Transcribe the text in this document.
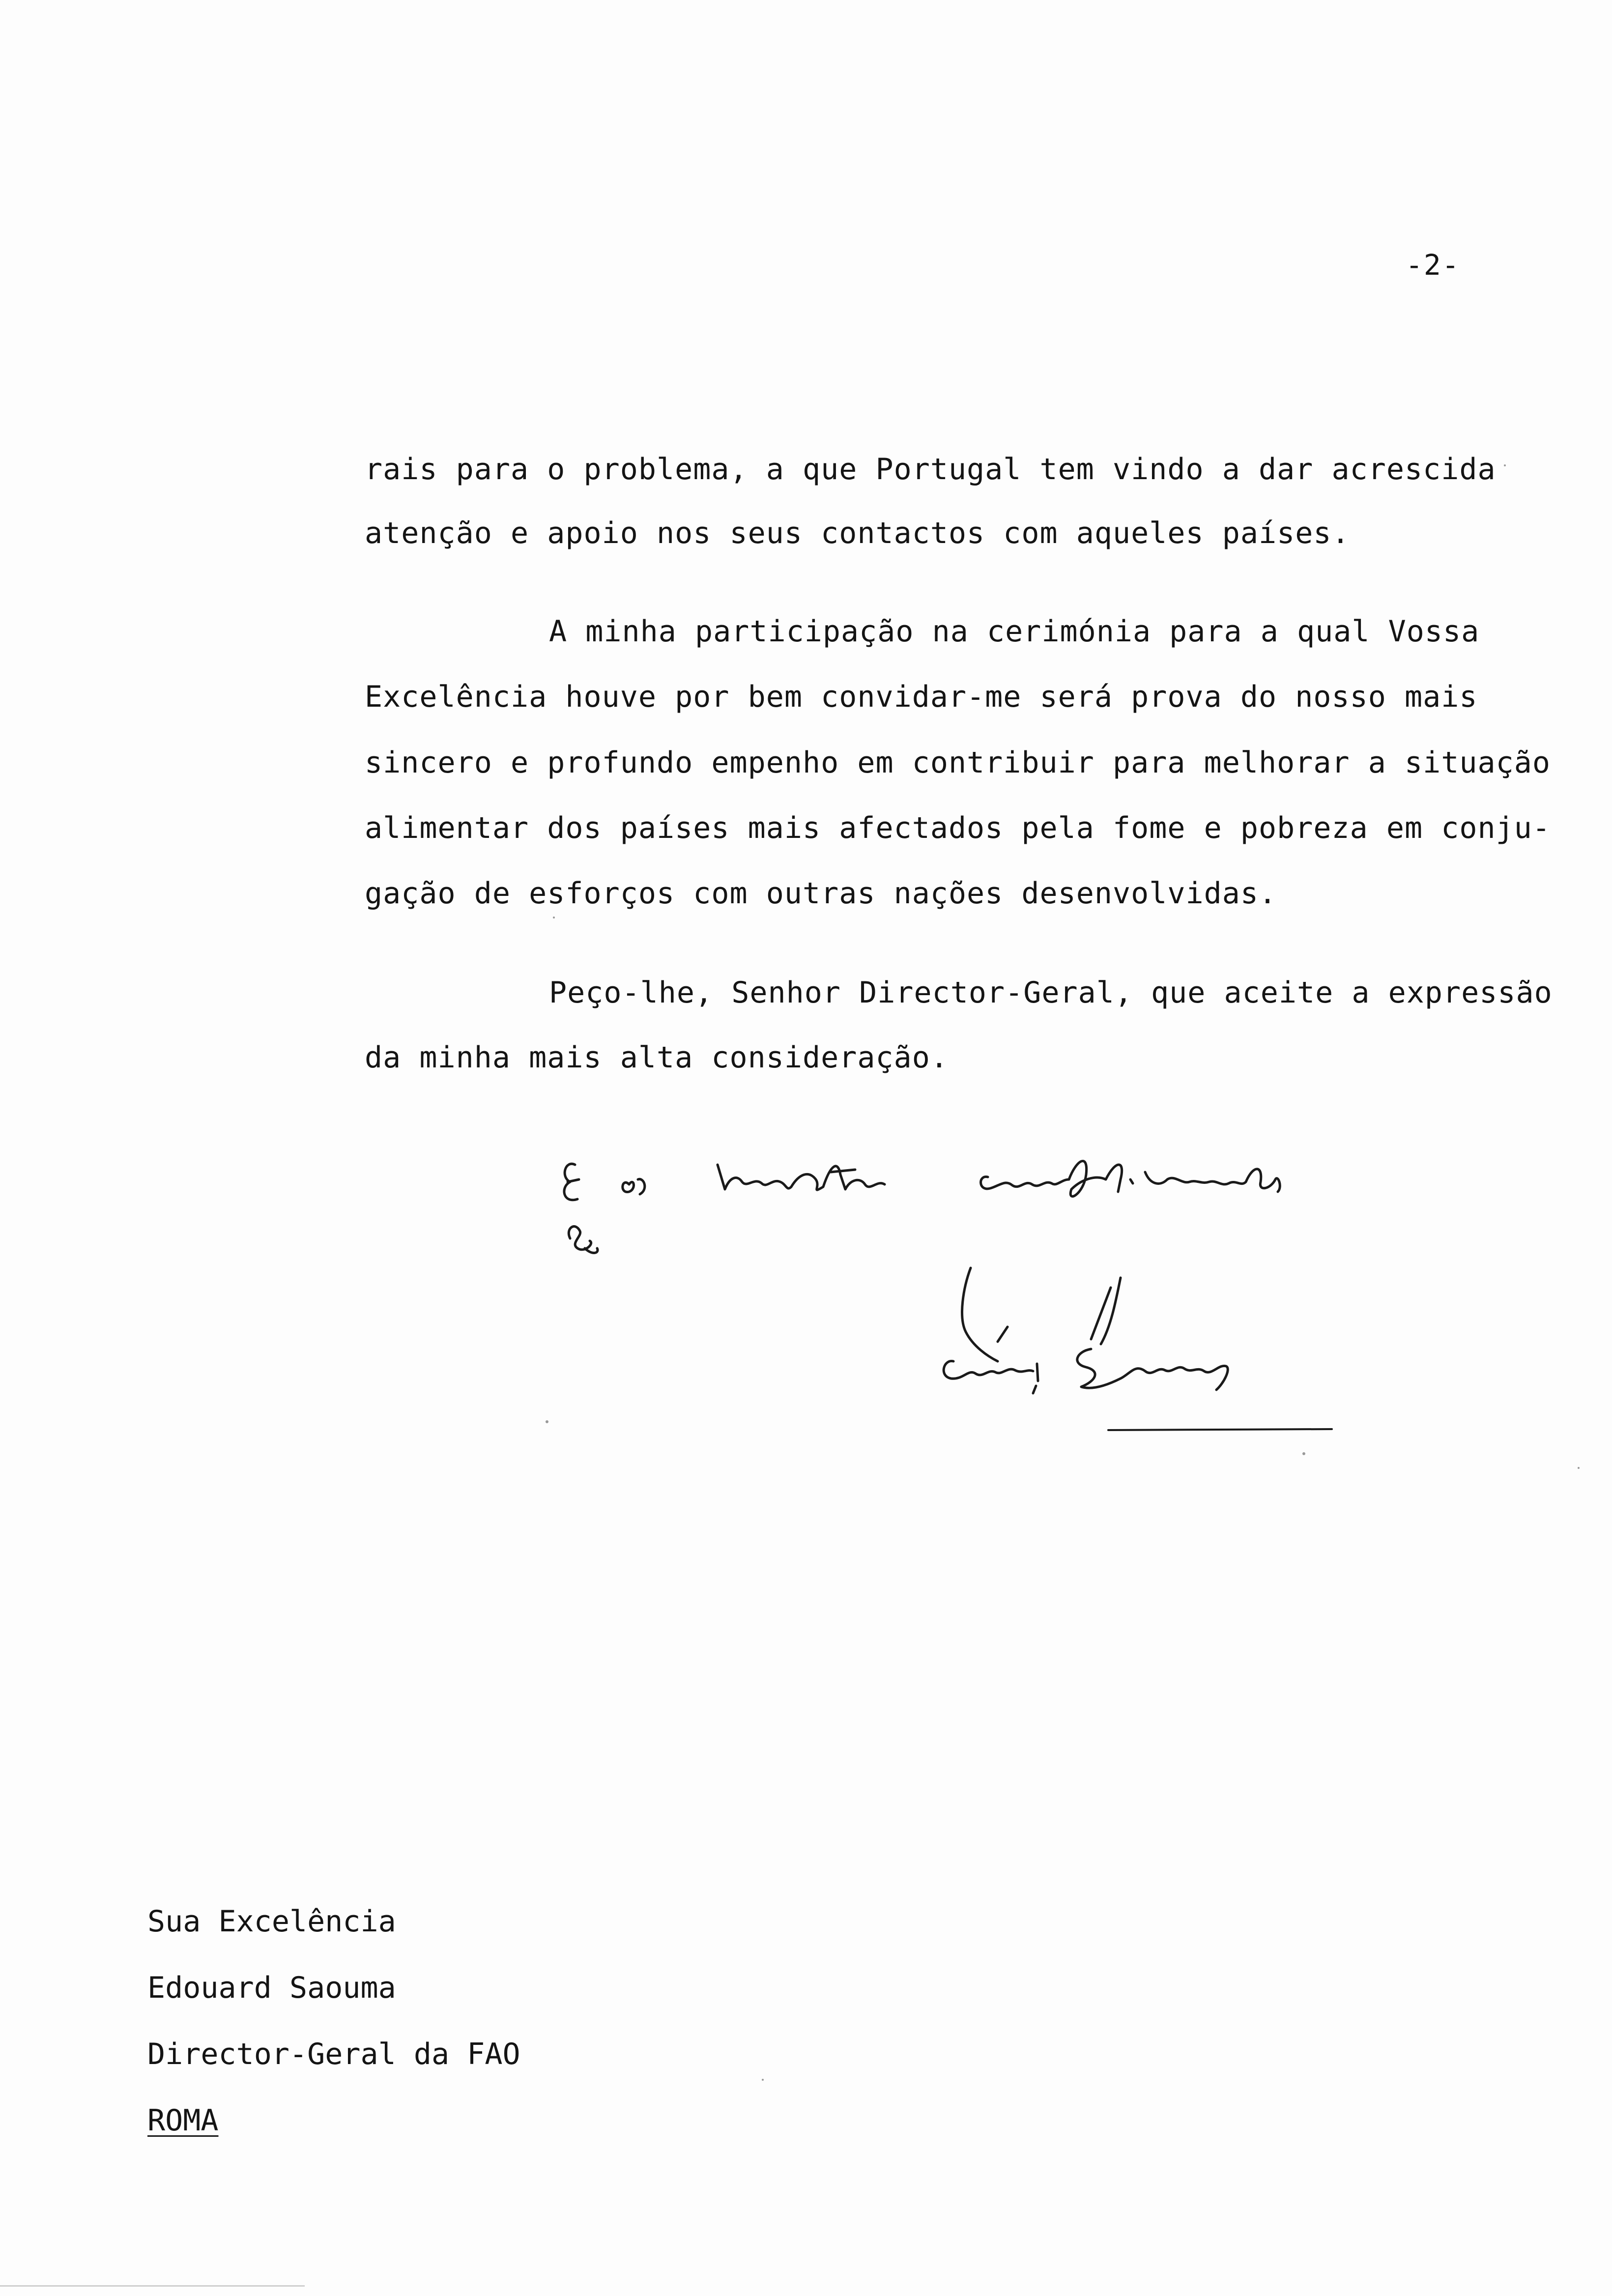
-2-
rais para o problema, a que Portugal tem vindo a dar acrescida
atenção e apoio nos seus contactos com aqueles países.
A minha participação na cerimónia para a qual Vossa
Excelência houve por bem convidar-me será prova do nosso mais
sincero e profundo empenho em contribuir para melhorar a situação
alimentar dos países mais afectados pela fome e pobreza em conju-
gação de esforços com outras nações desenvolvidas.
Peço-lhe, Senhor Director-Geral, que aceite a expressão
da minha mais alta consideração.
Sua Excelência
Edouard Saouma
Director-Geral da FAO
ROMA
